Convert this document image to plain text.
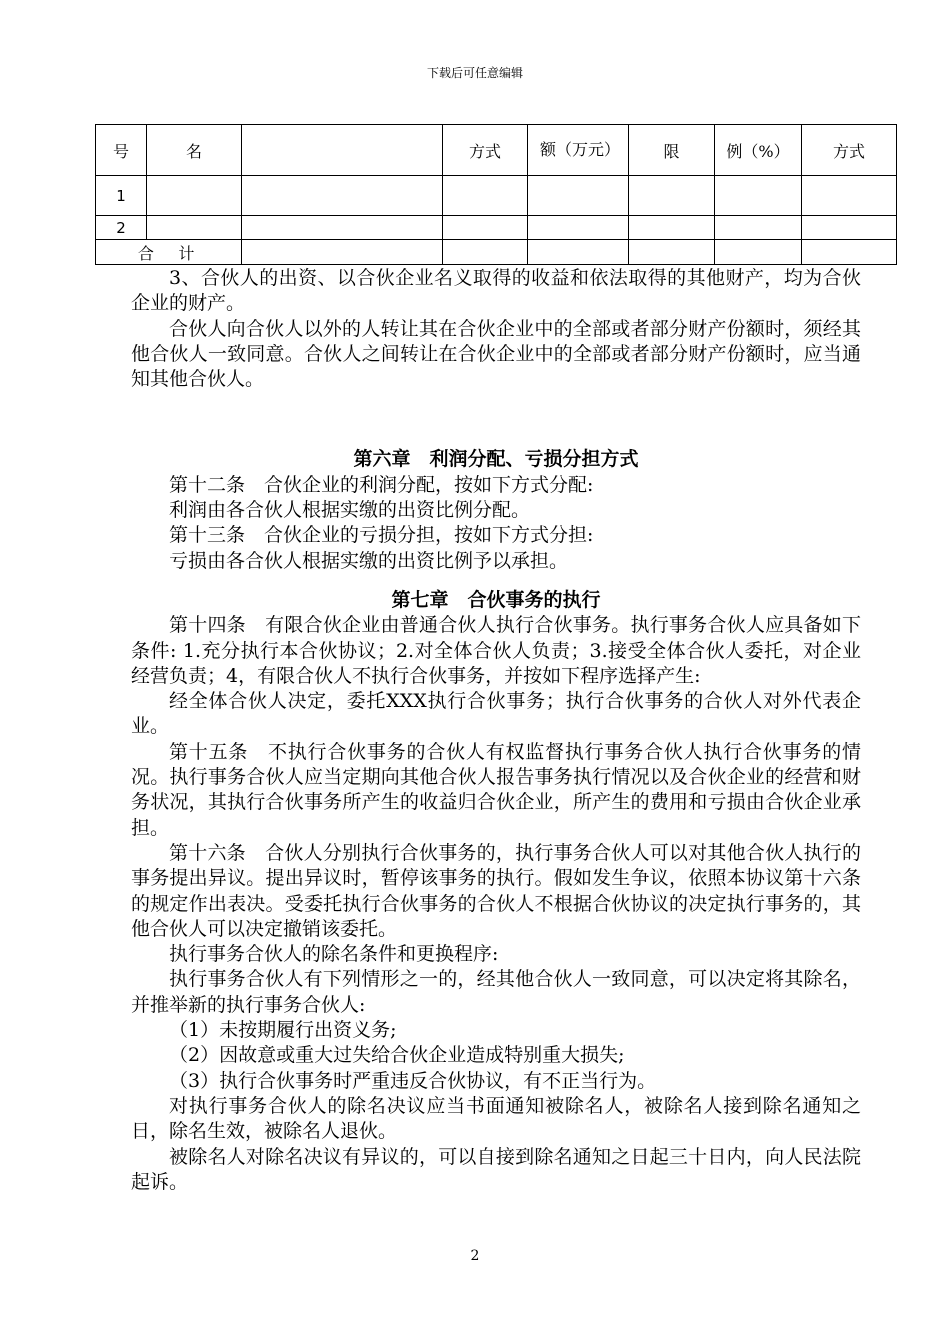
下载后可任意编辑
号	名		方式	额（万元）	限	例（%）	方式
1							
2							
合  计							

3、合伙人的出资、以合伙企业名义取得的收益和依法取得的其他财产，均为合伙企业的财产。

合伙人向合伙人以外的人转让其在合伙企业中的全部或者部分财产份额时，须经其他合伙人一致同意。合伙人之间转让在合伙企业中的全部或者部分财产份额时，应当通知其他合伙人。

第六章　利润分配、亏损分担方式

第十二条　合伙企业的利润分配，按如下方式分配:

利润由各合伙人根据实缴的出资比例分配。

第十三条　合伙企业的亏损分担，按如下方式分担:

亏损由各合伙人根据实缴的出资比例予以承担。

第七章　合伙事务的执行

第十四条　有限合伙企业由普通合伙人执行合伙事务。执行事务合伙人应具备如下条件: 1.充分执行本合伙协议；2.对全体合伙人负责；3.接受全体合伙人委托，对企业经营负责；4，有限合伙人不执行合伙事务，并按如下程序选择产生:

经全体合伙人决定，委托XXX执行合伙事务；执行合伙事务的合伙人对外代表企业。

第十五条　不执行合伙事务的合伙人有权监督执行事务合伙人执行合伙事务的情况。执行事务合伙人应当定期向其他合伙人报告事务执行情况以及合伙企业的经营和财务状况，其执行合伙事务所产生的收益归合伙企业，所产生的费用和亏损由合伙企业承担。

第十六条　合伙人分别执行合伙事务的，执行事务合伙人可以对其他合伙人执行的事务提出异议。提出异议时，暂停该事务的执行。假如发生争议，依照本协议第十六条的规定作出表决。受委托执行合伙事务的合伙人不根据合伙协议的决定执行事务的，其他合伙人可以决定撤销该委托。

执行事务合伙人的除名条件和更换程序:

执行事务合伙人有下列情形之一的，经其他合伙人一致同意，可以决定将其除名，并推举新的执行事务合伙人:

（1）未按期履行出资义务;

（2）因故意或重大过失给合伙企业造成特别重大损失;

（3）执行合伙事务时严重违反合伙协议，有不正当行为。

对执行事务合伙人的除名决议应当书面通知被除名人，被除名人接到除名通知之日，除名生效，被除名人退伙。

被除名人对除名决议有异议的，可以自接到除名通知之日起三十日内，向人民法院起诉。

2
